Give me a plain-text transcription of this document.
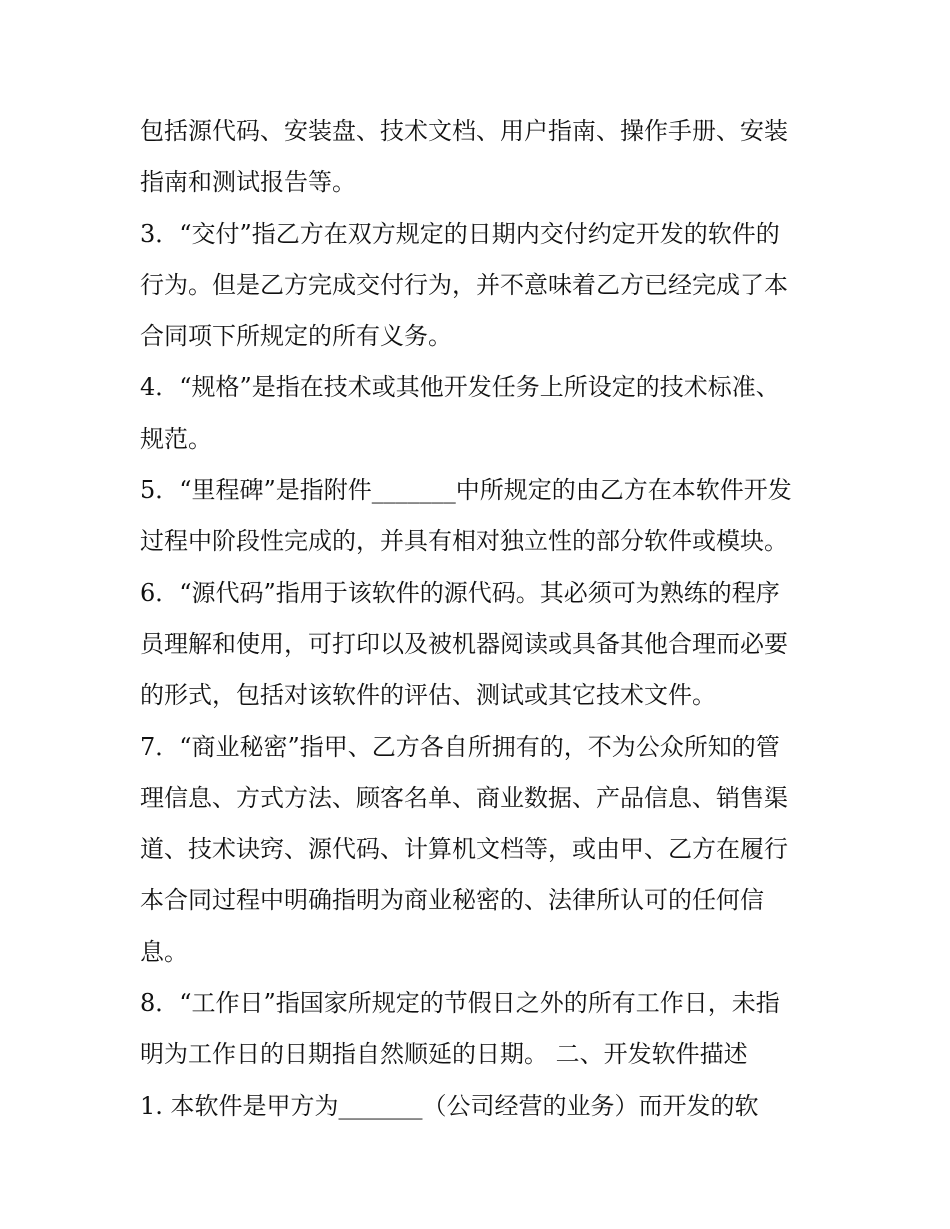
包括源代码、安装盘、技术文档、用户指南、操作手册、安装
指南和测试报告等。
3．“交付”指乙方在双方规定的日期内交付约定开发的软件的
行为。但是乙方完成交付行为，并不意味着乙方已经完成了本
合同项下所规定的所有义务。
4．“规格”是指在技术或其他开发任务上所设定的技术标准、
规范。
5．“里程碑”是指附件_______中所规定的由乙方在本软件开发
过程中阶段性完成的，并具有相对独立性的部分软件或模块。
6．“源代码”指用于该软件的源代码。其必须可为熟练的程序
员理解和使用，可打印以及被机器阅读或具备其他合理而必要
的形式，包括对该软件的评估、测试或其它技术文件。
7．“商业秘密”指甲、乙方各自所拥有的，不为公众所知的管
理信息、方式方法、顾客名单、商业数据、产品信息、销售渠
道、技术诀窍、源代码、计算机文档等，或由甲、乙方在履行
本合同过程中明确指明为商业秘密的、法律所认可的任何信
息。
8．“工作日”指国家所规定的节假日之外的所有工作日，未指
明为工作日的日期指自然顺延的日期。 二、开发软件描述
1. 本软件是甲方为_______（公司经营的业务）而开发的软
